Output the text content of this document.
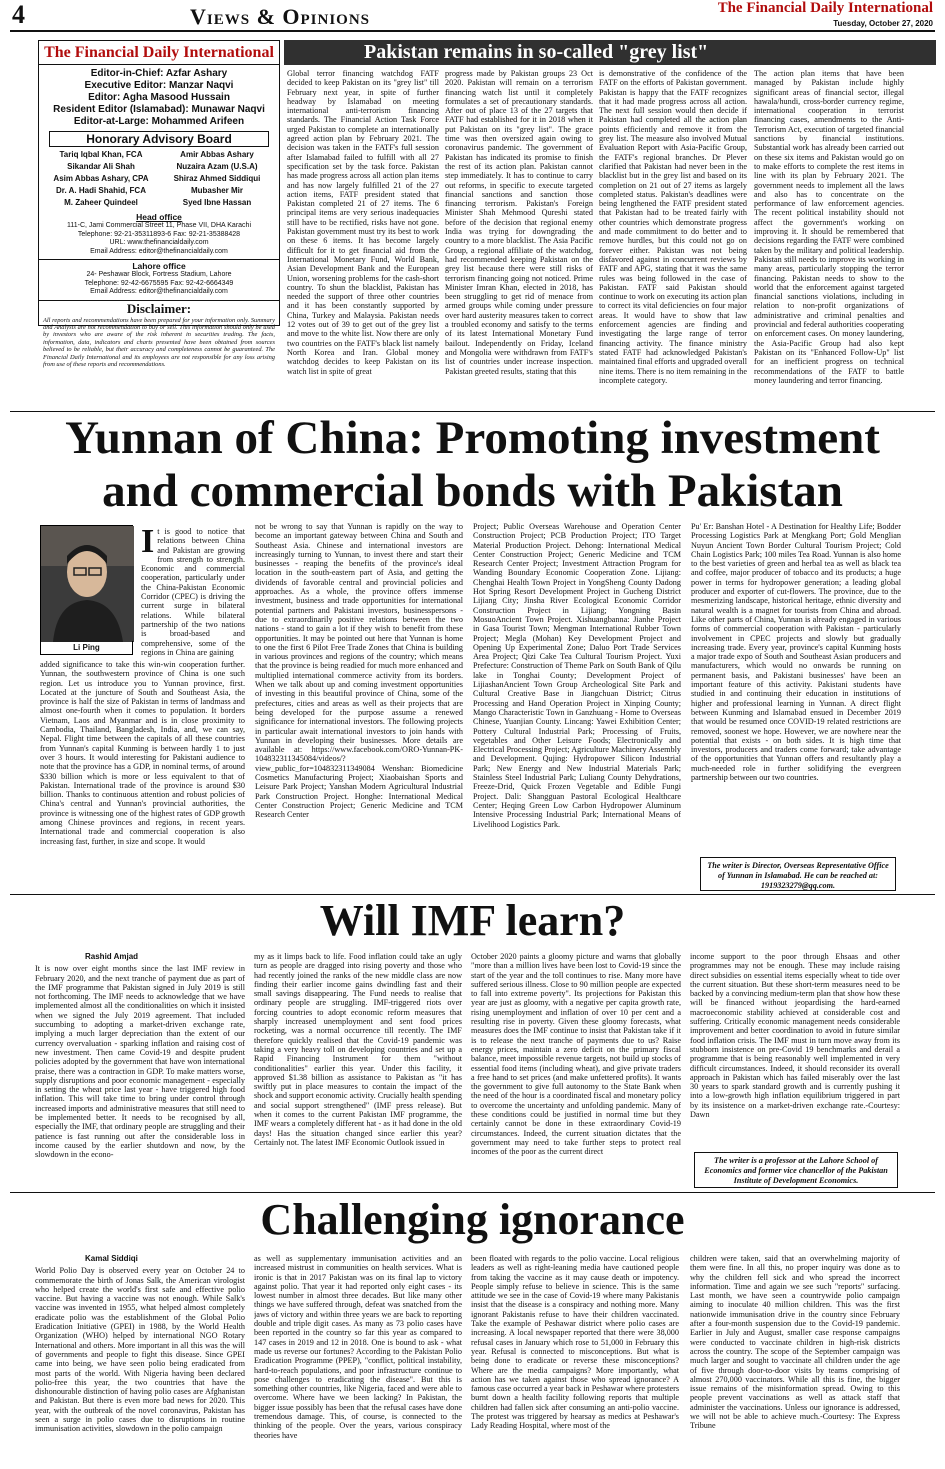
4	Views & Opinions	The Financial Daily International
Tuesday, October 27, 2020
The Financial Daily International
Editor-in-Chief: Azfar Ashary
Executive Editor: Manzar Naqvi
Editor: Agha Masood Hussain
Resident Editor (Islamabad): Munawar Naqvi
Editor-at-Large: Mohammed Arifeen
Honorary Advisory Board
Tariq Iqbal Khan, FCA	Amir Abbas Ashary
Sikandar Ali Shah	Nuzaira Azam (U.S.A)
Asim Abbas Ashary, CPA	Shiraz Ahmed Siddiqui
Dr. A. Hadi Shahid, FCA	Mubasher Mir
M. Zaheer Quindeel	Syed Ibne Hassan
Head office
111-C, Jami Commercial Street 11, Phase VII, DHA Karachi
Telephone: 92-21-35311893-6 Fax: 92-21-35388428
URL: www.thefinancialdaily.com
Email Address: editor@thefinancialdaily.com
Lahore office
24- Peshawar Block, Fortress Stadium, Lahore
Telephone: 92-42-6675595 Fax: 92-42-6664349
Email Address: editor@thefinancialdaily.com
Disclaimer:
All reports and recommendations have been prepared for your information only. Summary and Analysis are not recommendation to buy or sell. This information should only be used by investors who are aware of the risk inherent in securities trading. The facts, information, data, indicators and charts presented have been obtained from sources believed to be reliable, but their accuracy and completeness cannot be guaranteed. The Financial Daily International and its employees are not responsible for any loss arising from use of these reports and recommendations.
Pakistan remains in so-called "grey list"

Global terror financing watchdog FATF decided to keep Pakistan on its "grey list" till February next year, in spite of further headway by Islamabad on meeting international anti-terrorism financing standards. The Financial Action Task Force urged Pakistan to complete an internationally agreed action plan by February 2021. The decision was taken in the FATF's full session after Islamabad failed to fulfill with all 27 specification set by the task force. Pakistan has made progress across all action plan items and has now largely fulfilled 21 of the 27 action items, FATF president stated that Pakistan completed 21 of 27 items. The 6 principal items are very serious inadequacies still have to be rectified, risks have not gone. Pakistan government must try its best to work on these 6 items. It has become largely difficult for it to get financial aid from the International Monetary Fund, World Bank, Asian Development Bank and the European Union, worsening problems for the cash-short country. To shun the blacklist, Pakistan has needed the support of three other countries and it has been constantly supported by China, Turkey and Malaysia. Pakistan needs 12 votes out of 39 to get out of the grey list and move to the white list. Now there are only two countries on the FATF's black list namely North Korea and Iran. Global money watchdog decides to keep Pakistan on its watch list in spite of great

progress made by Pakistan groups 23 Oct 2020. Pakistan will remain on a terrorism financing watch list until it completely formulates a set of precautionary standards. After out of place 13 of the 27 targets that FATF had established for it in 2018 when it put Pakistan on its "grey list". The grace time was then oversized again owing to coronavirus pandemic. The government of Pakistan has indicated its promise to finish the rest of its action plan. Pakistan cannot step immediately. It has to continue to carry out reforms, in specific to execute targeted financial sanctions and sanction those financing terrorism. Pakistan's Foreign Minister Shah Mehmood Qureshi stated before of the decision that regional enemy India was trying for downgrading the country to a more blacklist. The Asia Pacific Group, a regional affiliate of the watchdog, had recommended keeping Pakistan on the grey list because there were still risks of terrorism financing going not noticed. Prime Minister Imran Khan, elected in 2018, has been struggling to get rid of menace from armed groups while coming under pressure over hard austerity measures taken to correct a troubled economy and satisfy to the terms of its latest International Monetary Fund bailout. Independently on Friday, Iceland and Mongolia were withdrawn from FATF's list of countries under increase inspection. Pakistan greeted results, stating that this

is demonstrative of the confidence of the FATF on the efforts of Pakistan government. Pakistan is happy that the FATF recognizes that it had made progress across all action. The next full session would then decide if Pakistan had completed all the action plan points efficiently and remove it from the grey list. The measure also involved Mutual Evaluation Report with Asia-Pacific Group, the FATF's regional branches. Dr Plever clarified that Pakistan had never been in the blacklist but in the grey list and based on its completion on 21 out of 27 items as largely completed status. Pakistan's deadlines were being lengthened the FATF president stated that Pakistan had to be treated fairly with other countries which demonstrate progress and made commitment to do better and to remove hurdles, but this could not go on forever either. Pakistan was not being disfavored against in concurrent reviews by FATF and APG, stating that it was the same rules was being followed in the case of Pakistan. FATF said Pakistan should continue to work on executing its action plan to correct its vital deficiencies on four major areas. It would have to show that law enforcement agencies are finding and investigating the large range of terror financing activity. The finance ministry stated FATF had acknowledged Pakistan's maintained final efforts and upgraded overall nine items. There is no item remaining in the incomplete category.

The action plan items that have been managed by Pakistan include highly significant areas of financial sector, illegal hawala/hundi, cross-border currency regime, international cooperation in terrorist financing cases, amendments to the Anti-Terrorism Act, execution of targeted financial sanctions by financial institutions. Substantial work has already been carried out on these six items and Pakistan would go on to make efforts to complete the rest items in line with its plan by February 2021. The government needs to implement all the laws and also has to concentrate on the performance of law enforcement agencies. The recent political instability should not affect the government's working on improving it. It should be remembered that decisions regarding the FATF were combined taken by the military and political leadership. Pakistan still needs to improve its working in many areas, particularly stopping the terror financing. Pakistan needs to show to the world that the enforcement against targeted financial sanctions violations, including in relation to non-profit organizations of administrative and criminal penalties and provincial and federal authorities cooperating on enforcement cases. On money laundering, the Asia-Pacific Group had also kept Pakistan on its "Enhanced Follow-Up" list for an inefficient progress on technical recommendations of the FATF to battle money laundering and terror financing.

Yunnan of China: Promoting investment
and commercial bonds with Pakistan
Li Ping

It is good to notice that relations between China and Pakistan are growing from strength to strength. Economic and commercial cooperation, particularly under the China-Pakistan Economic Corridor (CPEC) is driving the current surge in bilateral relations. While bilateral partnership of the two nations is broad-based and comprehensive, some of the regions in China are gaining

added significance to take this win-win cooperation further. Yunnan, the southwestern province of China is one such region. Let us introduce you to Yunnan province, first. Located at the juncture of South and Southeast Asia, the province is half the size of Pakistan in terms of landmass and almost one-fourth when it comes to population. It borders Vietnam, Laos and Myanmar and is in close proximity to Cambodia, Thailand, Bangladesh, India, and, we can say, Nepal. Flight time between the capitals of all these countries from Yunnan's capital Kunming is between hardly 1 to just over 3 hours. It would interesting for Pakistani audience to note that the province has a GDP, in nominal terms, of around $330 billion which is more or less equivalent to that of Pakistan. International trade of the province is around $30 billion. Thanks to continuous attention and robust policies of China's central and Yunnan's provincial authorities, the province is witnessing one of the highest rates of GDP growth among Chinese provinces and regions, in recent years. International trade and commercial cooperation is also increasing fast, further, in size and scope. It would

not be wrong to say that Yunnan is rapidly on the way to become an important gateway between China and South and Southeast Asia. Chinese and international investors are increasingly turning to Yunnan, to invest there and start their businesses - reaping the benefits of the province's ideal location in the south-eastern part of Asia, and getting the dividends of favorable central and provincial policies and approaches. As a whole, the province offers immense investment, business and trade opportunities for international potential partners and Pakistani investors, businesspersons - due to extraordinarily positive relations between the two nations - stand to gain a lot if they wish to benefit from these opportunities. It may be pointed out here that Yunnan is home to one the first 6 Pilot Free Trade Zones that China is building in various provinces and regions of the country; which means that the province is being readied for much more enhanced and multiplied international commerce activity from its borders. When we talk about up and coming investment opportunities of investing in this beautiful province of China, some of the prefectures, cities and areas as well as their projects that are being developed for the purpose assume a renewed significance for international investors. The following projects in particular await international investors to join hands with Yunnan in developing their businesses. More details are available at: https://www.facebook.com/ORO-Yunnan-PK-104832311345084/videos/?view_public_for=104832311349084 Wenshan: Biomedicine Cosmetics Manufacturing Project; Xiaobaishan Sports and Leisure Park Project; Yanshan Modern Agricultural Industrial Park Construction Project. Honghe: International Medical Center Construction Project; Generic Medicine and TCM Research Center

Project; Public Overseas Warehouse and Operation Center Construction Project; PCB Production Project; ITO Target Material Production Project. Dehong: International Medical Center Construction Project; Generic Medicine and TCM Research Center Project; Investment Attraction Program for Wanding Boundary Economic Cooperation Zone. Lijiang: Chenghai Health Town Project in YongSheng County Dadong Hot Spring Resort Development Project in Gucheng District Lijiang City; Jinsha River Ecological Economic Corridor Construction Project in Lijiang; Yongning Basin MosuoAncient Town Project. Xishuangbanna: Jianhe Project in Gasa Tourist Town; Mengman International Rubber Town Project; Megla (Mohan) Key Development Project and Opening Up Experimental Zone; Daluo Port Trade Services Area Project; Qizi Cake Tea Cultural Tourism Project. Yuxi Prefecture: Construction of Theme Park on South Bank of Qilu lake in Tonghai County; Development Project of LijiashanAncient Town Group Archeological Site Park and Cultural Creative Base in Jiangchuan District; Citrus Processing and Hand Operation Project in Xinping County; Mango Characteristic Town in Ganzhuang - Home to Overseas Chinese, Yuanjian County. Lincang: Yawei Exhibition Center; Pottery Cultural Industrial Park; Processing of Fruits, vegetables and Other Leisure Foods; Electronically and Electrical Processing Project; Agriculture Machinery Assembly and Development. Qujing: Hydropower Silicon Industrial Park; New Energy and New Industrial Materials Park; Stainless Steel Industrial Park; Luliang County Dehydrations, Freeze-Drid, Quick Frozen Vegetable and Edible Fungi Project. Dali: Shangguan Pastoral Ecological Healthcare Center; Heqing Green Low Carbon Hydropower Aluminum Intensive Processing Industrial Park; International Means of Livelihood Logistics Park.

Pu' Er: Banshan Hotel - A Destination for Healthy Life; Bodder Processing Logistics Park at Mengkang Port; Gold Menglian Nuyun Ancient Town Border Cultural Tourism Project; Cold Chain Logistics Park; 100 miles Tea Road. Yunnan is also home to the best varieties of green and herbal tea as well as black tea and coffee, major producer of tobacco and its products; a huge power in terms for hydropower generation; a leading global producer and exporter of cut-flowers. The province, due to the mesmerizing landscape, historical heritage, ethnic diversity and natural wealth is a magnet for tourists from China and abroad. Like other parts of China, Yunnan is already engaged in various forms of commercial cooperation with Pakistan - particularly involvement in CPEC projects and slowly but gradually increasing trade. Every year, province's capital Kunming hosts a major trade expo of South and Southeast Asian producers and manufacturers, which would no onwards be running on permanent basis, and Pakistani businesses' have been an important feature of this activity. Pakistani students have studied in and continuing their education in institutions of higher and professional learning in Yunnan. A direct flight between Kunming and Islamabad ensued in December 2019 that would be resumed once COVID-19 related restrictions are removed, soonest we hope. However, we are nowhere near the potential that exists - on both sides. It is high time that investors, producers and traders come forward; take advantage of the opportunities that Yunnan offers and resultantly play a much-needed role in further solidifying the evergreen partnership between our two countries.

The writer is Director, Overseas Representative Office of Yunnan in Islamabad. He can be reached at: 1919323279@qq.com.
Will IMF learn?
Rashid Amjad

It is now over eight months since the last IMF review in February 2020, and the next tranche of payment due as part of the IMF programme that Pakistan signed in July 2019 is still not forthcoming. The IMF needs to acknowledge that we have implemented almost all the conditionalities on which it insisted when we signed the July 2019 agreement. That included succumbing to adopting a market-driven exchange rate, implying a much larger depreciation than the extent of our currency overvaluation - sparking inflation and raising cost of new investment. Then came Covid-19 and despite prudent policies adopted by the government that have won international praise, there was a contraction in GDP. To make matters worse, supply disruptions and poor economic management - especially in setting the wheat price last year - have triggered high food inflation. This will take time to bring under control through increased imports and administrative measures that still need to be implemented better. It needs to be recognised by all, especially the IMF, that ordinary people are struggling and their patience is fast running out after the considerable loss in income caused by the earlier shutdown and now, by the slowdown in the econo-

my as it limps back to life. Food inflation could take an ugly turn as people are dragged into rising poverty and those who had recently joined the ranks of the new middle class are now finding their earlier income gains dwindling fast and their small savings disappearing. The Fund needs to realise that ordinary people are struggling. IMF-triggered riots over forcing countries to adopt economic reform measures that sharply increased unemployment and sent food prices rocketing, was a normal occurrence till recently. The IMF therefore quickly realised that the Covid-19 pandemic was taking a very heavy toll on developing countries and set up a Rapid Financing Instrument for them "without conditionalities" earlier this year. Under this facility, it approved $1.38 billion as assistance to Pakistan as "it has swiftly put in place measures to contain the impact of the shock and support economic activity. Crucially health spending and social support strengthened" (IMF press release). But when it comes to the current Pakistan IMF programme, the IMF wears a completely different hat - as it had done in the old days! Has the situation changed since earlier this year? Certainly not. The latest IMF Economic Outlook issued in

October 2020 paints a gloomy picture and warns that globally "more than a million lives have been lost to Covid-19 since the start of the year and the toll continues to rise. Many more have suffered serious illness. Close to 90 million people are expected to fall into extreme poverty". Its projections for Pakistan this year are just as gloomy, with a negative per capita growth rate, rising unemployment and inflation of over 10 per cent and a resulting rise in poverty. Given these gloomy forecasts, what measures does the IMF continue to insist that Pakistan take if it is to release the next tranche of payments due to us? Raise energy prices, maintain a zero deficit on the primary fiscal balance, meet impossible revenue targets, not build up stocks of essential food items (including wheat), and give private traders a free hand to set prices (and make unfettered profits). It wants the government to give full autonomy to the State Bank when the need of the hour is a coordinated fiscal and monetary policy to overcome the uncertainty and unfolding pandemic. Many of these conditions could be justified in normal time but they certainly cannot be done in these extraordinary Covid-19 circumstances. Indeed, the current situation dictates that the government may need to take further steps to protect real incomes of the poor as the current direct

income support to the poor through Ehsaas and other programmes may not be enough. These may include raising direct subsidies on essential items especially wheat to tide over the current situation. But these short-term measures need to be backed by a convincing medium-term plan that show how these will be financed without jeopardising the hard-earned macroeconomic stability achieved at considerable cost and suffering. Critically economic management needs considerable improvement and better coordination to avoid in future similar food inflation crisis. The IMF must in turn move away from its stubborn insistence on pre-Covid 19 benchmarks and derail a programme that is being reasonably well implemented in very difficult circumstances. Indeed, it should reconsider its overall approach in Pakistan which has failed miserably over the last 30 years to spark standard growth and is currently pushing it into a low-growth high inflation equilibrium triggered in part by its insistence on a market-driven exchange rate.-Courtesy: Dawn

The writer is a professor at the Lahore School of Economics and former vice chancellor of the Pakistan Institute of Development Economics.
Challenging ignorance
Kamal Siddiqi

World Polio Day is observed every year on October 24 to commemorate the birth of Jonas Salk, the American virologist who helped create the world's first safe and effective polio vaccine. But having a vaccine was not enough. While Salk's vaccine was invented in 1955, what helped almost completely eradicate polio was the establishment of the Global Polio Eradication Initiative (GPEI) in 1988, by the World Health Organization (WHO) helped by international NGO Rotary International and others. More important in all this was the will of governments and people to fight this disease. Since GPEI came into being, we have seen polio being eradicated from most parts of the world. With Nigeria having been declared polio-free this year, the two countries that have the dishonourable distinction of having polio cases are Afghanistan and Pakistan. But there is even more bad news for 2020. This year, with the outbreak of the novel coronavirus, Pakistan has seen a surge in polio cases due to disruptions in routine immunisation activities, slowdown in the polio campaign

as well as supplementary immunisation activities and an increased mistrust in communities on health services. What is ironic is that in 2017 Pakistan was on its final lap to victory against polio. That year it had reported only eight cases - its lowest number in almost three decades. But like many other things we have suffered through, defeat was snatched from the jaws of victory and within three years we are back to reporting double and triple digit cases. As many as 73 polio cases have been reported in the country so far this year as compared to 147 cases in 2019 and 12 in 2018. One is bound to ask - what made us reverse our fortunes? According to the Pakistan Polio Eradication Programme (PPEP), "conflict, political instability, hard-to-reach populations, and poor infrastructure continue to pose challenges to eradicating the disease". But this is something other countries, like Nigeria, faced and were able to overcome. Where have we been lacking? In Pakistan, the bigger issue possibly has been that the refusal cases have done tremendous damage. This, of course, is connected to the thinking of the people. Over the years, various conspiracy theories have

been floated with regards to the polio vaccine. Local religious leaders as well as right-leaning media have cautioned people from taking the vaccine as it may cause death or impotency. People simply refuse to believe in science. This is the same attitude we see in the case of Covid-19 where many Pakistanis insist that the disease is a conspiracy and nothing more. Many ignorant Pakistanis refuse to have their children vaccinated. Take the example of Peshawar district where polio cases are increasing. A local newspaper reported that there were 38,000 refusal cases in January which rose to 51,000 in February this year. Refusal is connected to misconceptions. But what is being done to eradicate or reverse these misconceptions? Where are the media campaigns? More importantly, what action has we taken against those who spread ignorance? A famous case occurred a year back in Peshawar where protesters burnt down a health facility following reports that multiple children had fallen sick after consuming an anti-polio vaccine. The protest was triggered by hearsay as medics at Peshawar's Lady Reading Hospital, where most of the

children were taken, said that an overwhelming majority of them were fine. In all this, no proper inquiry was done as to why the children fell sick and who spread the incorrect information. Time and again we see such "reports" surfacing. Last month, we have seen a countrywide polio campaign aiming to inoculate 40 million children. This was the first nationwide immunisation drive in the country since February after a four-month suspension due to the Covid-19 pandemic. Earlier in July and August, smaller case response campaigns were conducted to vaccinate children in high-risk districts across the country. The scope of the September campaign was much larger and sought to vaccinate all children under the age of five through door-to-door visits by teams comprising of almost 270,000 vaccinators. While all this is fine, the bigger issue remains of the misinformation spread. Owing to this people prevent vaccinations as well as attack staff that administer the vaccinations. Unless our ignorance is addressed, we will not be able to achieve much.-Courtesy: The Express Tribune
